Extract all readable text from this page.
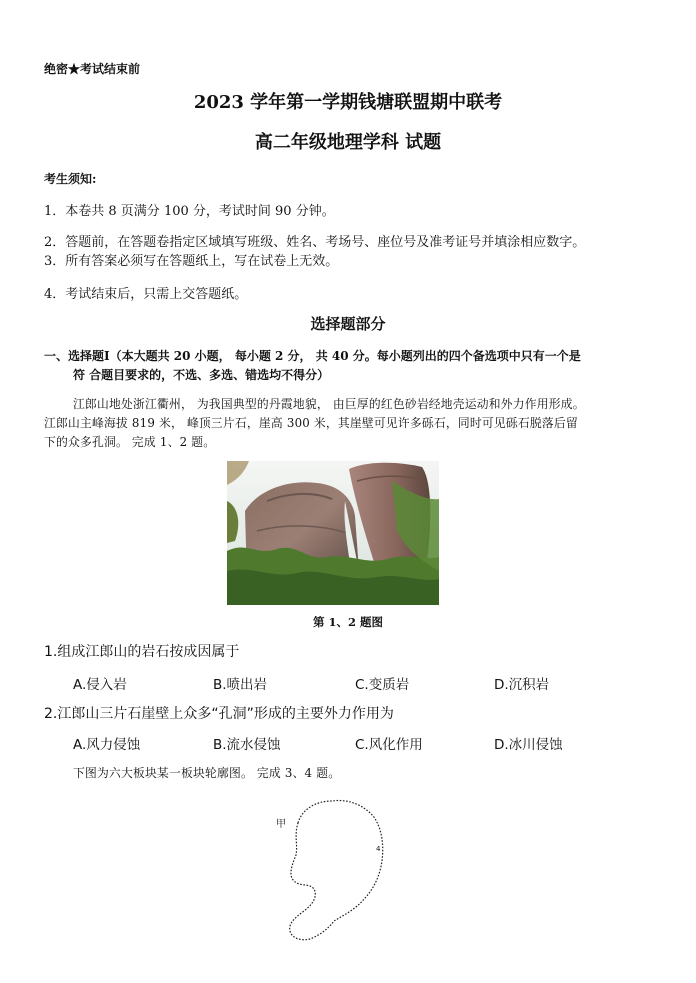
绝密★考试结束前

2023 学年第一学期钱塘联盟期中联考

高二年级地理学科 试题

考生须知:

1．本卷共 8 页满分 100 分，考试时间 90 分钟。

2．答题前，在答题卷指定区域填写班级、姓名、考场号、座位号及准考证号并填涂相应数字。

3．所有答案必须写在答题纸上，写在试卷上无效。

4．考试结束后，只需上交答题纸。

选择题部分

一、选择题Ⅰ（本大题共 20 小题， 每小题 2 分， 共 40 分。每小题列出的四个备选项中只有一个是

符 合题目要求的，不选、多选、错选均不得分）

江郎山地处浙江衢州， 为我国典型的丹霞地貌， 由巨厚的红色砂岩经地壳运动和外力作用形成。

江郎山主峰海拔 819 米， 峰顶三片石，崖高 300 米，其崖壁可见许多砾石，同时可见砾石脱落后留

下的众多孔洞。 完成 1、2 题。

第 1、2 题图

1.组成江郎山的岩石按成因属于

A.侵入岩	B.喷出岩	C.变质岩	D.沉积岩

2.江郎山三片石崖壁上众多“孔洞”形成的主要外力作用为

A.风力侵蚀	B.流水侵蚀	C.风化作用	D.冰川侵蚀

下图为六大板块某一板块轮廓图。 完成 3、4 题。

甲
4
